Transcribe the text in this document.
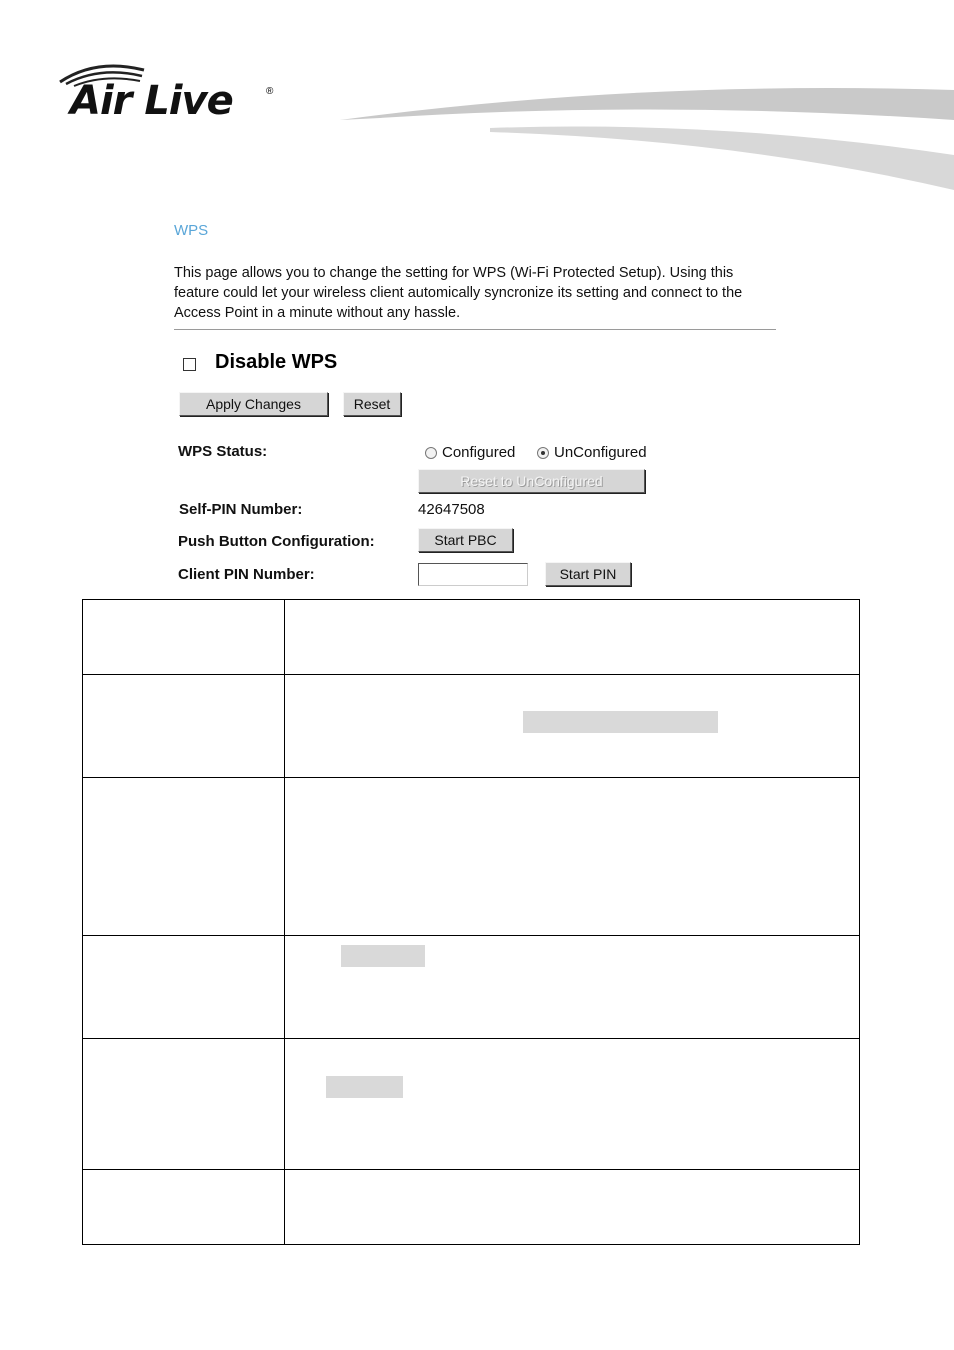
Air Live	®
WPS
This page allows you to change the setting for WPS (Wi-Fi Protected Setup). Using this feature could let your wireless client automically syncronize its setting and connect to the Access Point in a minute without any hassle.
Disable WPS
Apply Changes	Reset
WPS Status:	Configured	UnConfigured
Reset to UnConfigured
Self-PIN Number:	42647508
Push Button Configuration:	Start PBC
Client PIN Number:	Start PIN
